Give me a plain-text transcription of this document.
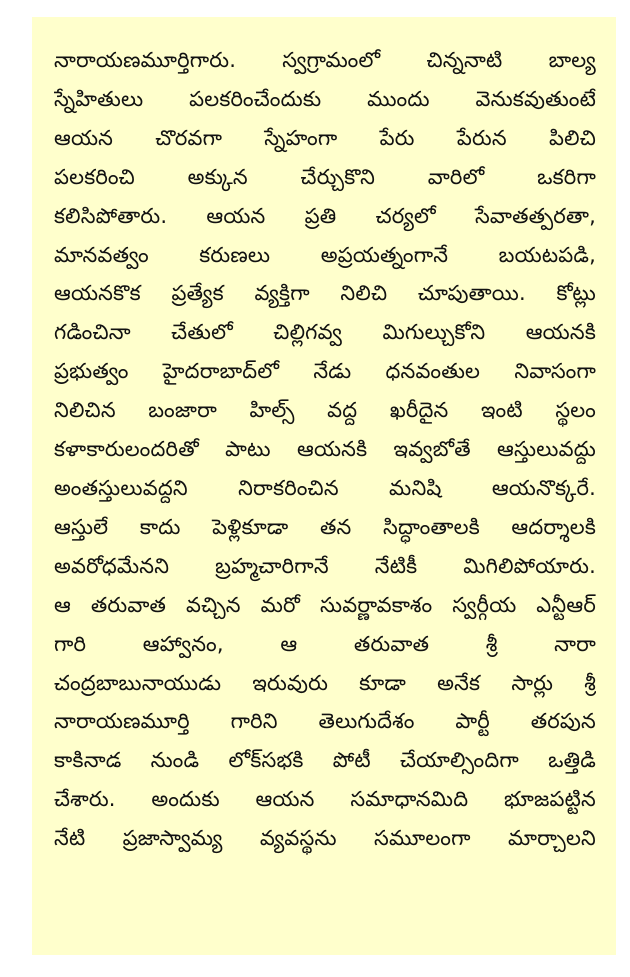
నారాయణమూర్తిగారు. స్వగ్రామంలో చిన్ననాటి బాల్య
స్నేహితులు పలకరించేందుకు ముందు వెనుకవుతుంటే
ఆయన చొరవగా స్నేహంగా పేరు పేరున పిలిచి
పలకరించి అక్కున చేర్చుకొని వారిలో ఒకరిగా
కలిసిపోతారు. ఆయన ప్రతి చర్యలో సేవాతత్పరతా,
మానవత్వం కరుణలు అప్రయత్నంగానే బయటపడి,
ఆయనకొక ప్రత్యేక వ్యక్తిగా నిలిచి చూపుతాయి. కోట్లు
గడించినా చేతులో చిల్లిగవ్వ మిగుల్చుకోని ఆయనకి
ప్రభుత్వం హైదరాబాద్‌లో నేడు ధనవంతుల నివాసంగా
నిలిచిన బంజారా హిల్స్ వద్ద ఖరీదైన ఇంటి స్థలం
కళాకారులందరితో పాటు ఆయనకి ఇవ్వబోతే ఆస్తులువద్దు
అంతస్తులువద్దని నిరాకరించిన మనిషి ఆయనొక్కరే.
ఆస్తులే కాదు పెళ్లికూడా తన సిద్ధాంతాలకి ఆదర్శాలకి
అవరోధమేనని బ్రహ్మచారిగానే నేటికీ మిగిలిపోయారు.
ఆ తరువాత వచ్చిన మరో సువర్ణావకాశం స్వర్గీయ ఎన్టీఆర్
గారి ఆహ్వానం, ఆ తరువాత శ్రీ నారా
చంద్రబాబునాయుడు ఇరువురు కూడా అనేక సార్లు శ్రీ
నారాయణమూర్తి గారిని తెలుగుదేశం పార్టీ తరపున
కాకినాడ నుండి లోక్‌సభకి పోటీ చేయాల్సిందిగా ఒత్తిడి
చేశారు. అందుకు ఆయన సమాధానమిది భూజపట్టిన
నేటి ప్రజాస్వామ్య వ్యవస్థను సమూలంగా మార్చాలని
